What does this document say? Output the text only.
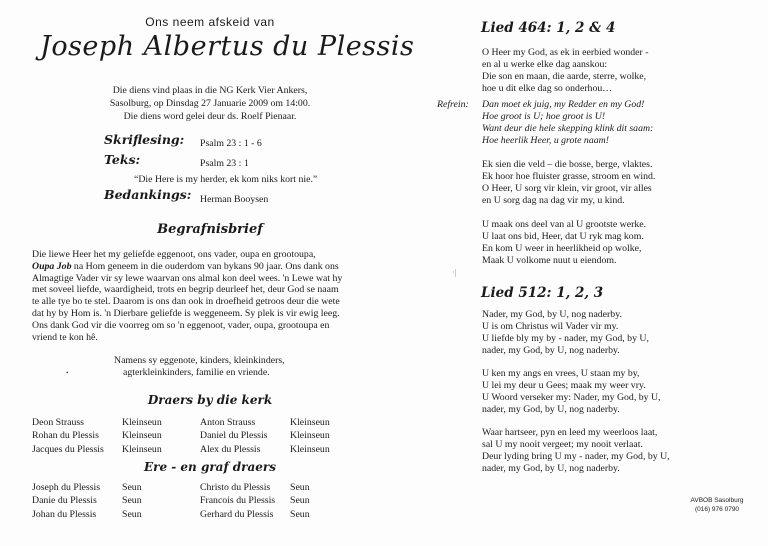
Ons neem afskeid van
Joseph Albertus du Plessis
Die diens vind plaas in die NG Kerk Vier Ankers,
Sasolburg, op Dinsdag 27 Januarie 2009 om 14:00.
Die diens word gelei deur ds. Roelf Pienaar.
Skriflesing: Psalm 23 : 1 - 6
Teks:	Psalm 23 : 1
“Die Here is my herder, ek kom niks kort nie.”
Bedankings: Herman Booysen
Begrafnisbrief
Die liewe Heer het my geliefde eggenoot, ons vader, oupa en grootoupa,
Oupa Job na Hom geneem in die ouderdom van bykans 90 jaar. Ons dank ons
Almagtige Vader vir sy lewe waarvan ons almal kon deel wees. 'n Lewe wat hy
met soveel liefde, waardigheid, trots en begrip deurleef het, deur God se naam
te alle tye bo te stel. Daarom is ons dan ook in droefheid getroos deur die wete
dat hy by Hom is. 'n Dierbare geliefde is weggeneem. Sy plek is vir ewig leeg.
Ons dank God vir die voorreg om so 'n eggenoot, vader, oupa, grootoupa en
vriend te kon hê.
Namens sy eggenote, kinders, kleinkinders,
agterkleinkinders, familie en vriende.
•
Draers by die kerk
Deon Strauss	Kleinseun	Anton Strauss	Kleinseun
Rohan du Plessis Kleinseun	Daniel du Plessis Kleinseun
Jacques du Plessis Kleinseun	Alex du Plessis	Kleinseun
Ere - en graf draers
Joseph du Plessis Seun	Christo du Plessis Seun
Danie du Plessis	Seun	Francois du Plessis Seun
Johan du Plessis	Seun	Gerhard du Plessis Seun
·|
Lied 464: 1, 2 & 4
O Heer my God, as ek in eerbied wonder -
en al u werke elke dag aanskou:
Die son en maan, die aarde, sterre, wolke,
hoe u dit elke dag so onderhou…
Refrein: Dan moet ek juig, my Redder en my God!
Hoe groot is U; hoe groot is U!
Want deur die hele skepping klink dit saam:
Hoe heerlik Heer, u grote naam!
Ek sien die veld – die bosse, berge, vlaktes.
Ek hoor hoe fluister grasse, stroom en wind.
O Heer, U sorg vir klein, vir groot, vir alles
en U sorg dag na dag vir my, u kind.
U maak ons deel van al U grootste werke.
U laat ons bid, Heer, dat U ryk mag kom.
En kom U weer in heerlikheid op wolke,
Maak U volkome nuut u eiendom.
Lied 512: 1, 2, 3
Nader, my God, by U, nog naderby.
U is om Christus wil Vader vir my.
U liefde bly my by - nader, my God, by U,
nader, my God, by U, nog naderby.
U ken my angs en vrees, U staan my by,
U lei my deur u Gees; maak my weer vry.
U Woord verseker my: Nader, my God, by U,
nader, my God, by U, nog naderby.
Waar hartseer, pyn en leed my weerloos laat,
sal U my nooit vergeet; my nooit verlaat.
Deur lyding bring U my - nader, my God, by U,
nader, my God, by U, nog naderby.
AVBOB Sasolburg
(016) 976 0790
